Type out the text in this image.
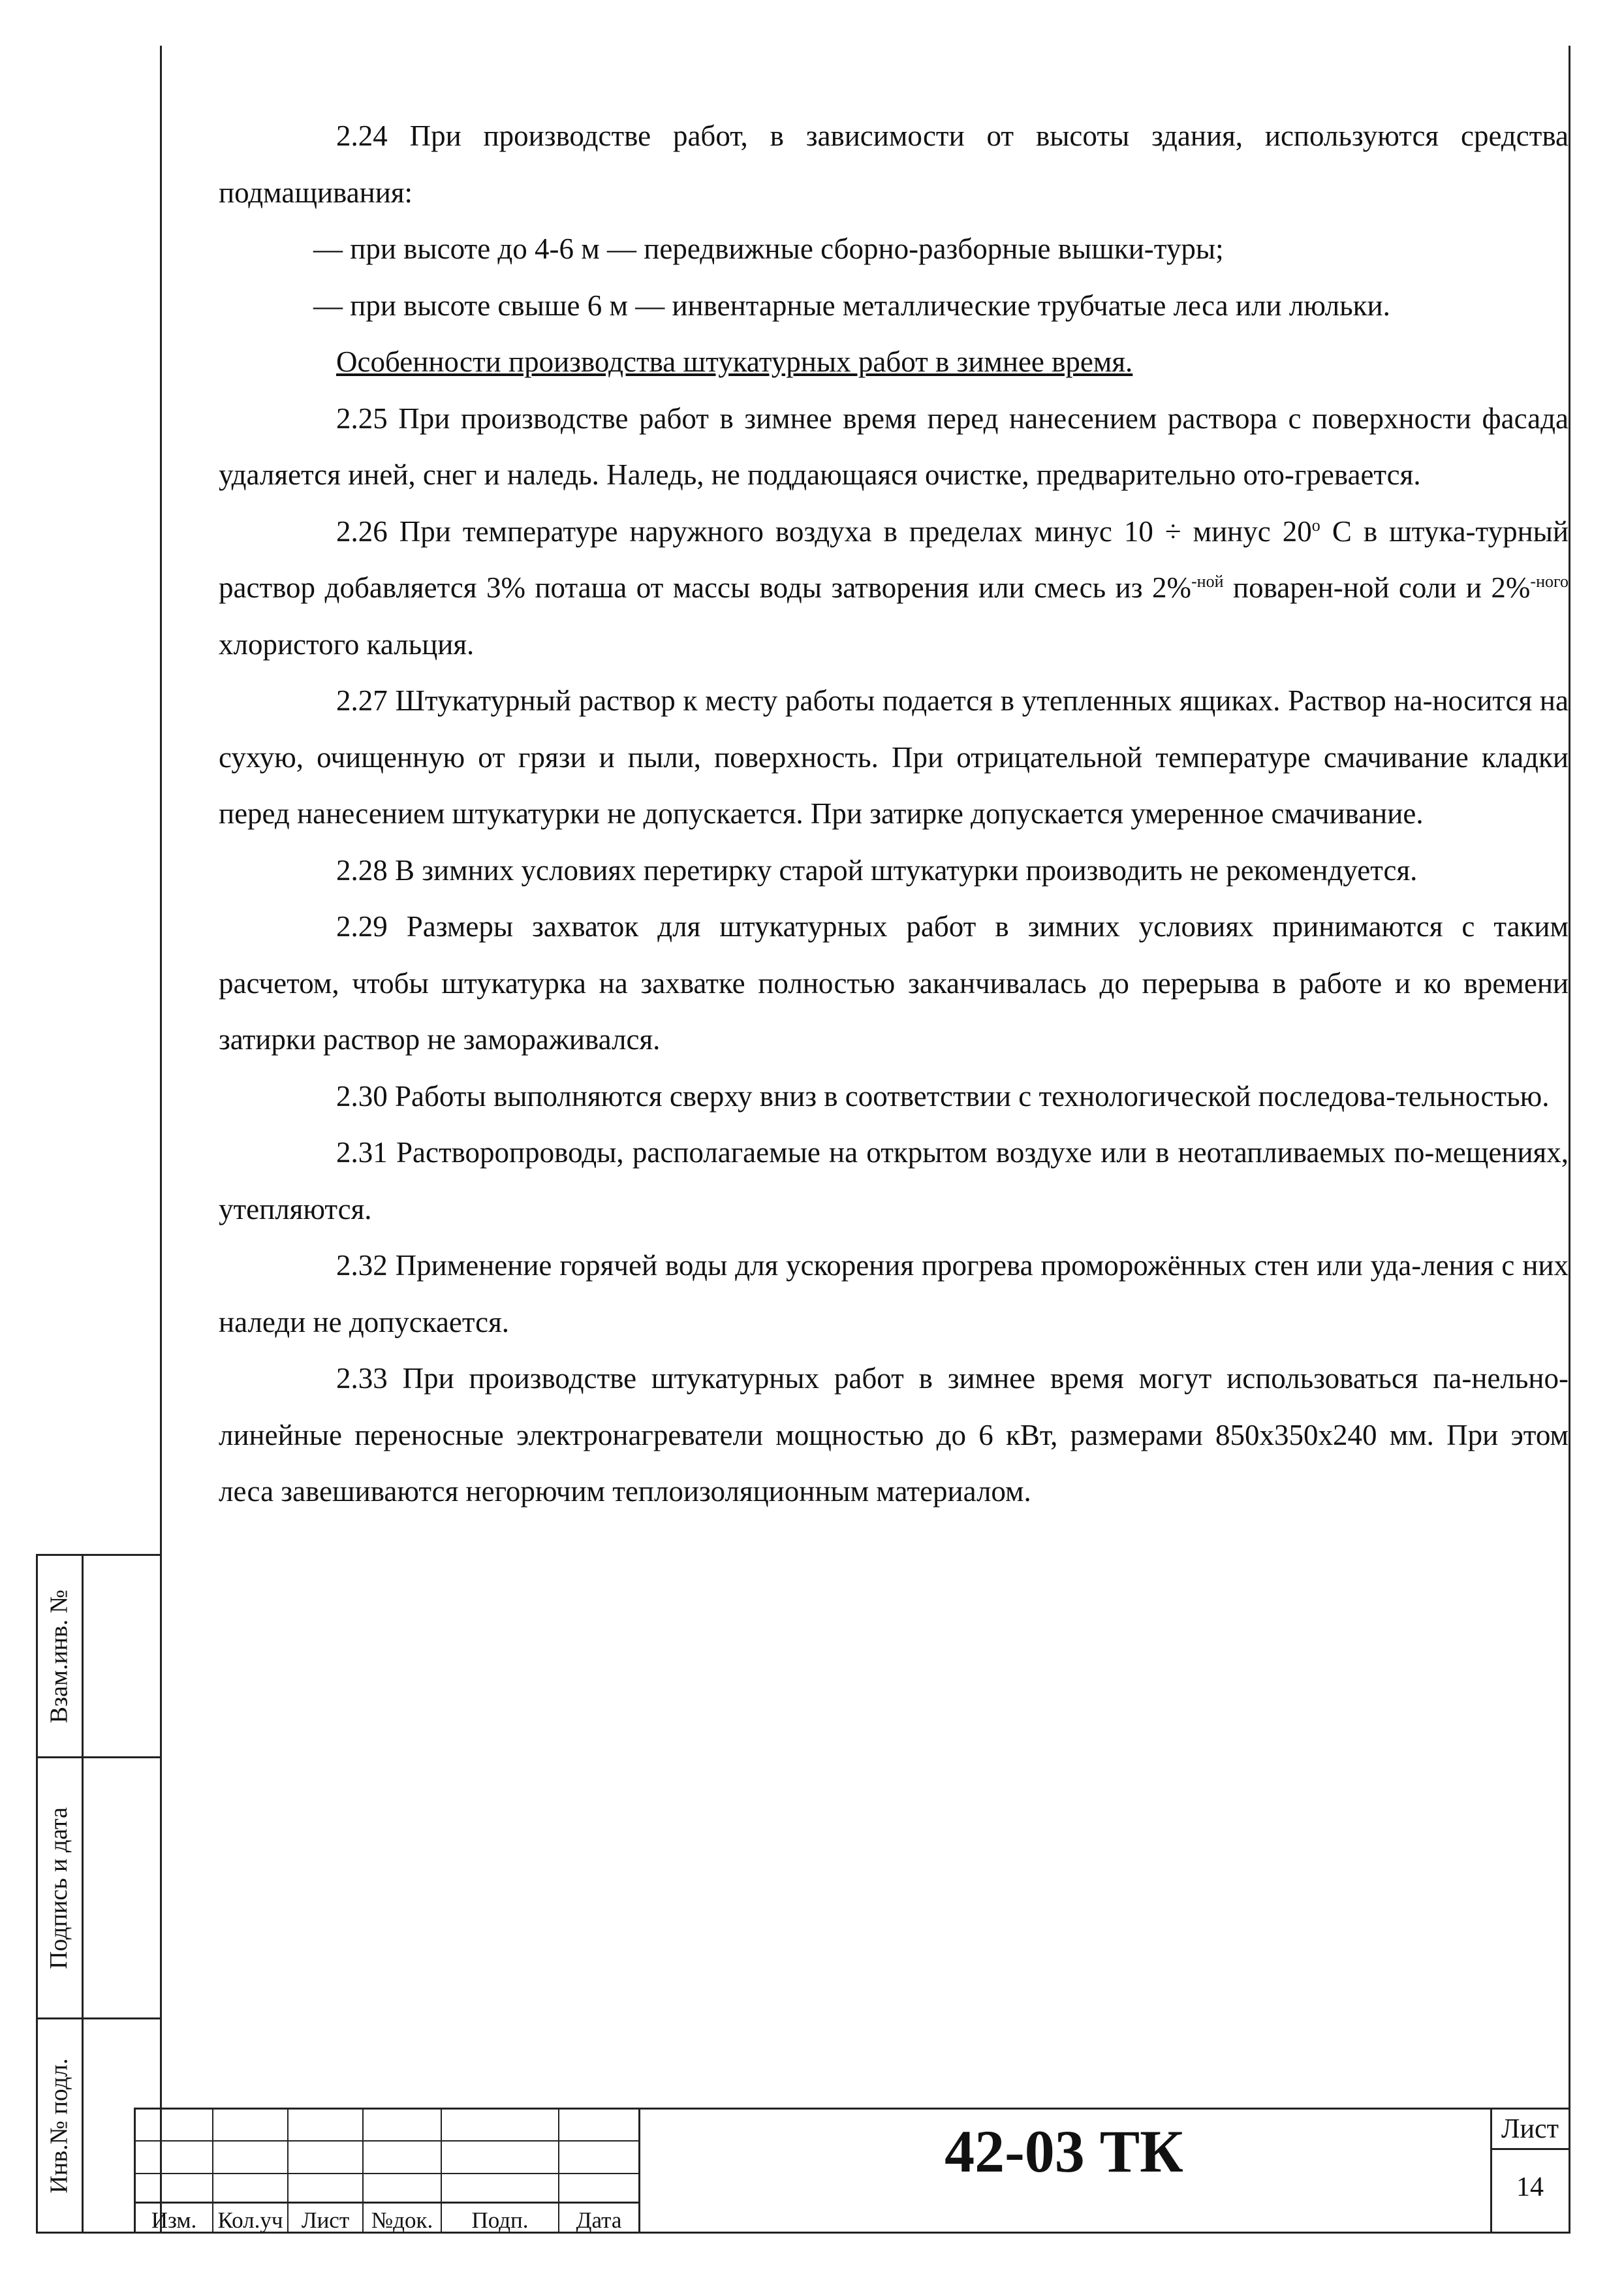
Взам.инв. №
Подпись и дата
Инв.№ подл.

2.24 При производстве работ, в зависимости от высоты здания, используются средства подмащивания:

— при высоте до 4-6 м — передвижные сборно-разборные вышки-туры;

— при высоте свыше 6 м — инвентарные металлические трубчатые леса или люльки.

Особенности производства штукатурных работ в зимнее время.

2.25 При производстве работ в зимнее время перед нанесением раствора с поверхности фасада удаляется иней, снег и наледь. Наледь, не поддающаяся очистке, предварительно ото-гревается.

2.26 При температуре наружного воздуха в пределах минус 10 ÷ минус 20$^o$ С в штука-турный раствор добавляется 3% поташа от массы воды затворения или смесь из 2%$^{-ной}$ поварен-ной соли и 2%$^{-ного}$ хлористого кальция.

2.27 Штукатурный раствор к месту работы подается в утепленных ящиках. Раствор на-носится на сухую, очищенную от грязи и пыли, поверхность. При отрицательной температуре смачивание кладки перед нанесением штукатурки не допускается. При затирке допускается умеренное смачивание.

2.28 В зимних условиях перетирку старой штукатурки производить не рекомендуется.

2.29 Размеры захваток для штукатурных работ в зимних условиях принимаются с таким расчетом, чтобы штукатурка на захватке полностью заканчивалась до перерыва в работе и ко времени затирки раствор не замораживался.

2.30 Работы выполняются сверху вниз в соответствии с технологической последова-тельностью.

2.31 Растворопроводы, располагаемые на открытом воздухе или в неотапливаемых по-мещениях, утепляются.

2.32 Применение горячей воды для ускорения прогрева проморожённых стен или уда-ления с них наледи не допускается.

2.33 При производстве штукатурных работ в зимнее время могут использоваться па-нельно-линейные переносные электронагреватели мощностью до 6 кВт, размерами 850х350х240 мм. При этом леса завешиваются негорючим теплоизоляционным материалом.

Изм. Кол.уч Лист №док.	Подп.	Дата
42-03 ТК	Лист
14
